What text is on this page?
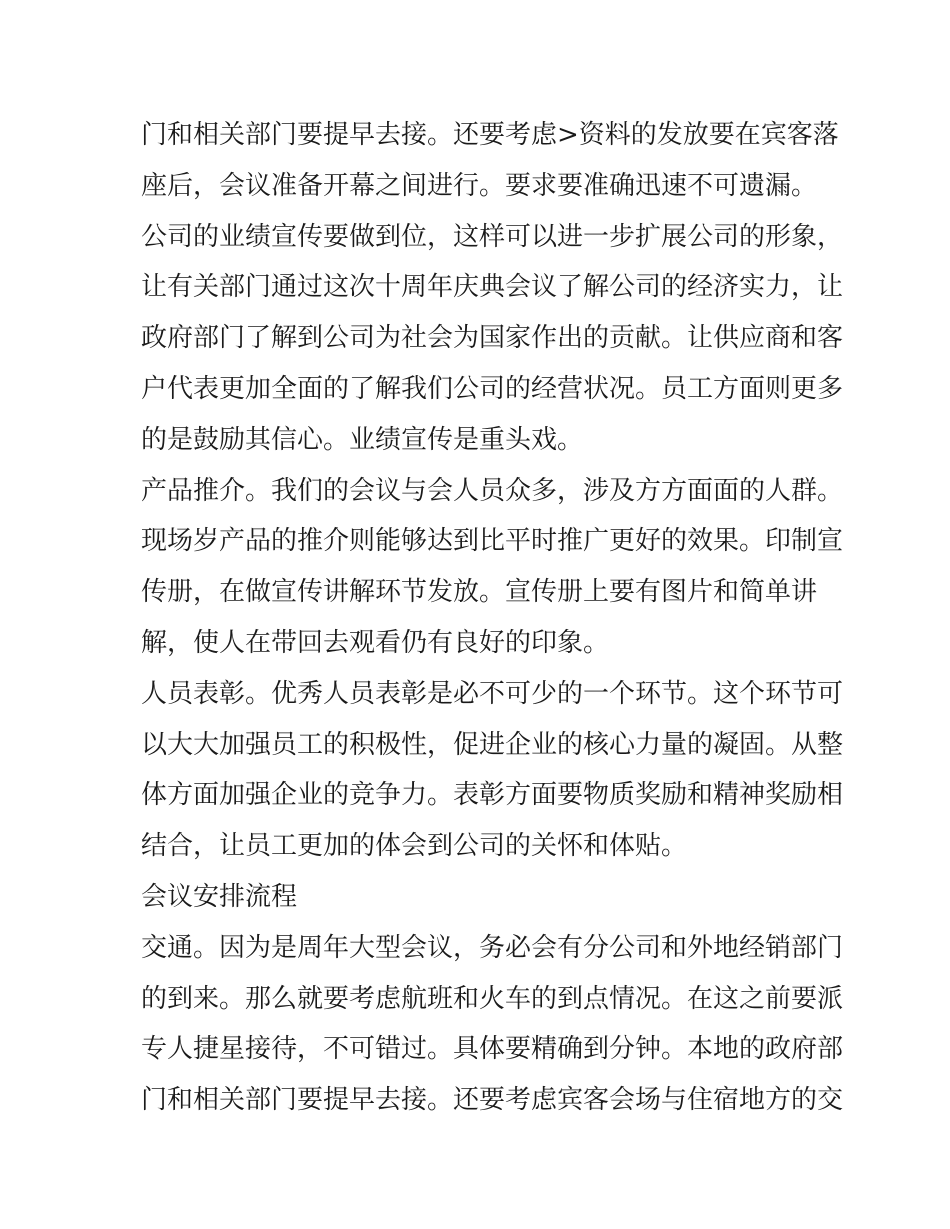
门和相关部门要提早去接。还要考虑>资料的发放要在宾客落
座后，会议准备开幕之间进行。要求要准确迅速不可遗漏。
公司的业绩宣传要做到位，这样可以进一步扩展公司的形象，
让有关部门通过这次十周年庆典会议了解公司的经济实力，让
政府部门了解到公司为社会为国家作出的贡献。让供应商和客
户代表更加全面的了解我们公司的经营状况。员工方面则更多
的是鼓励其信心。业绩宣传是重头戏。
产品推介。我们的会议与会人员众多，涉及方方面面的人群。
现场岁产品的推介则能够达到比平时推广更好的效果。印制宣
传册，在做宣传讲解环节发放。宣传册上要有图片和简单讲
解，使人在带回去观看仍有良好的印象。
人员表彰。优秀人员表彰是必不可少的一个环节。这个环节可
以大大加强员工的积极性，促进企业的核心力量的凝固。从整
体方面加强企业的竞争力。表彰方面要物质奖励和精神奖励相
结合，让员工更加的体会到公司的关怀和体贴。
会议安排流程
交通。因为是周年大型会议，务必会有分公司和外地经销部门
的到来。那么就要考虑航班和火车的到点情况。在这之前要派
专人捷星接待，不可错过。具体要精确到分钟。本地的政府部
门和相关部门要提早去接。还要考虑宾客会场与住宿地方的交
